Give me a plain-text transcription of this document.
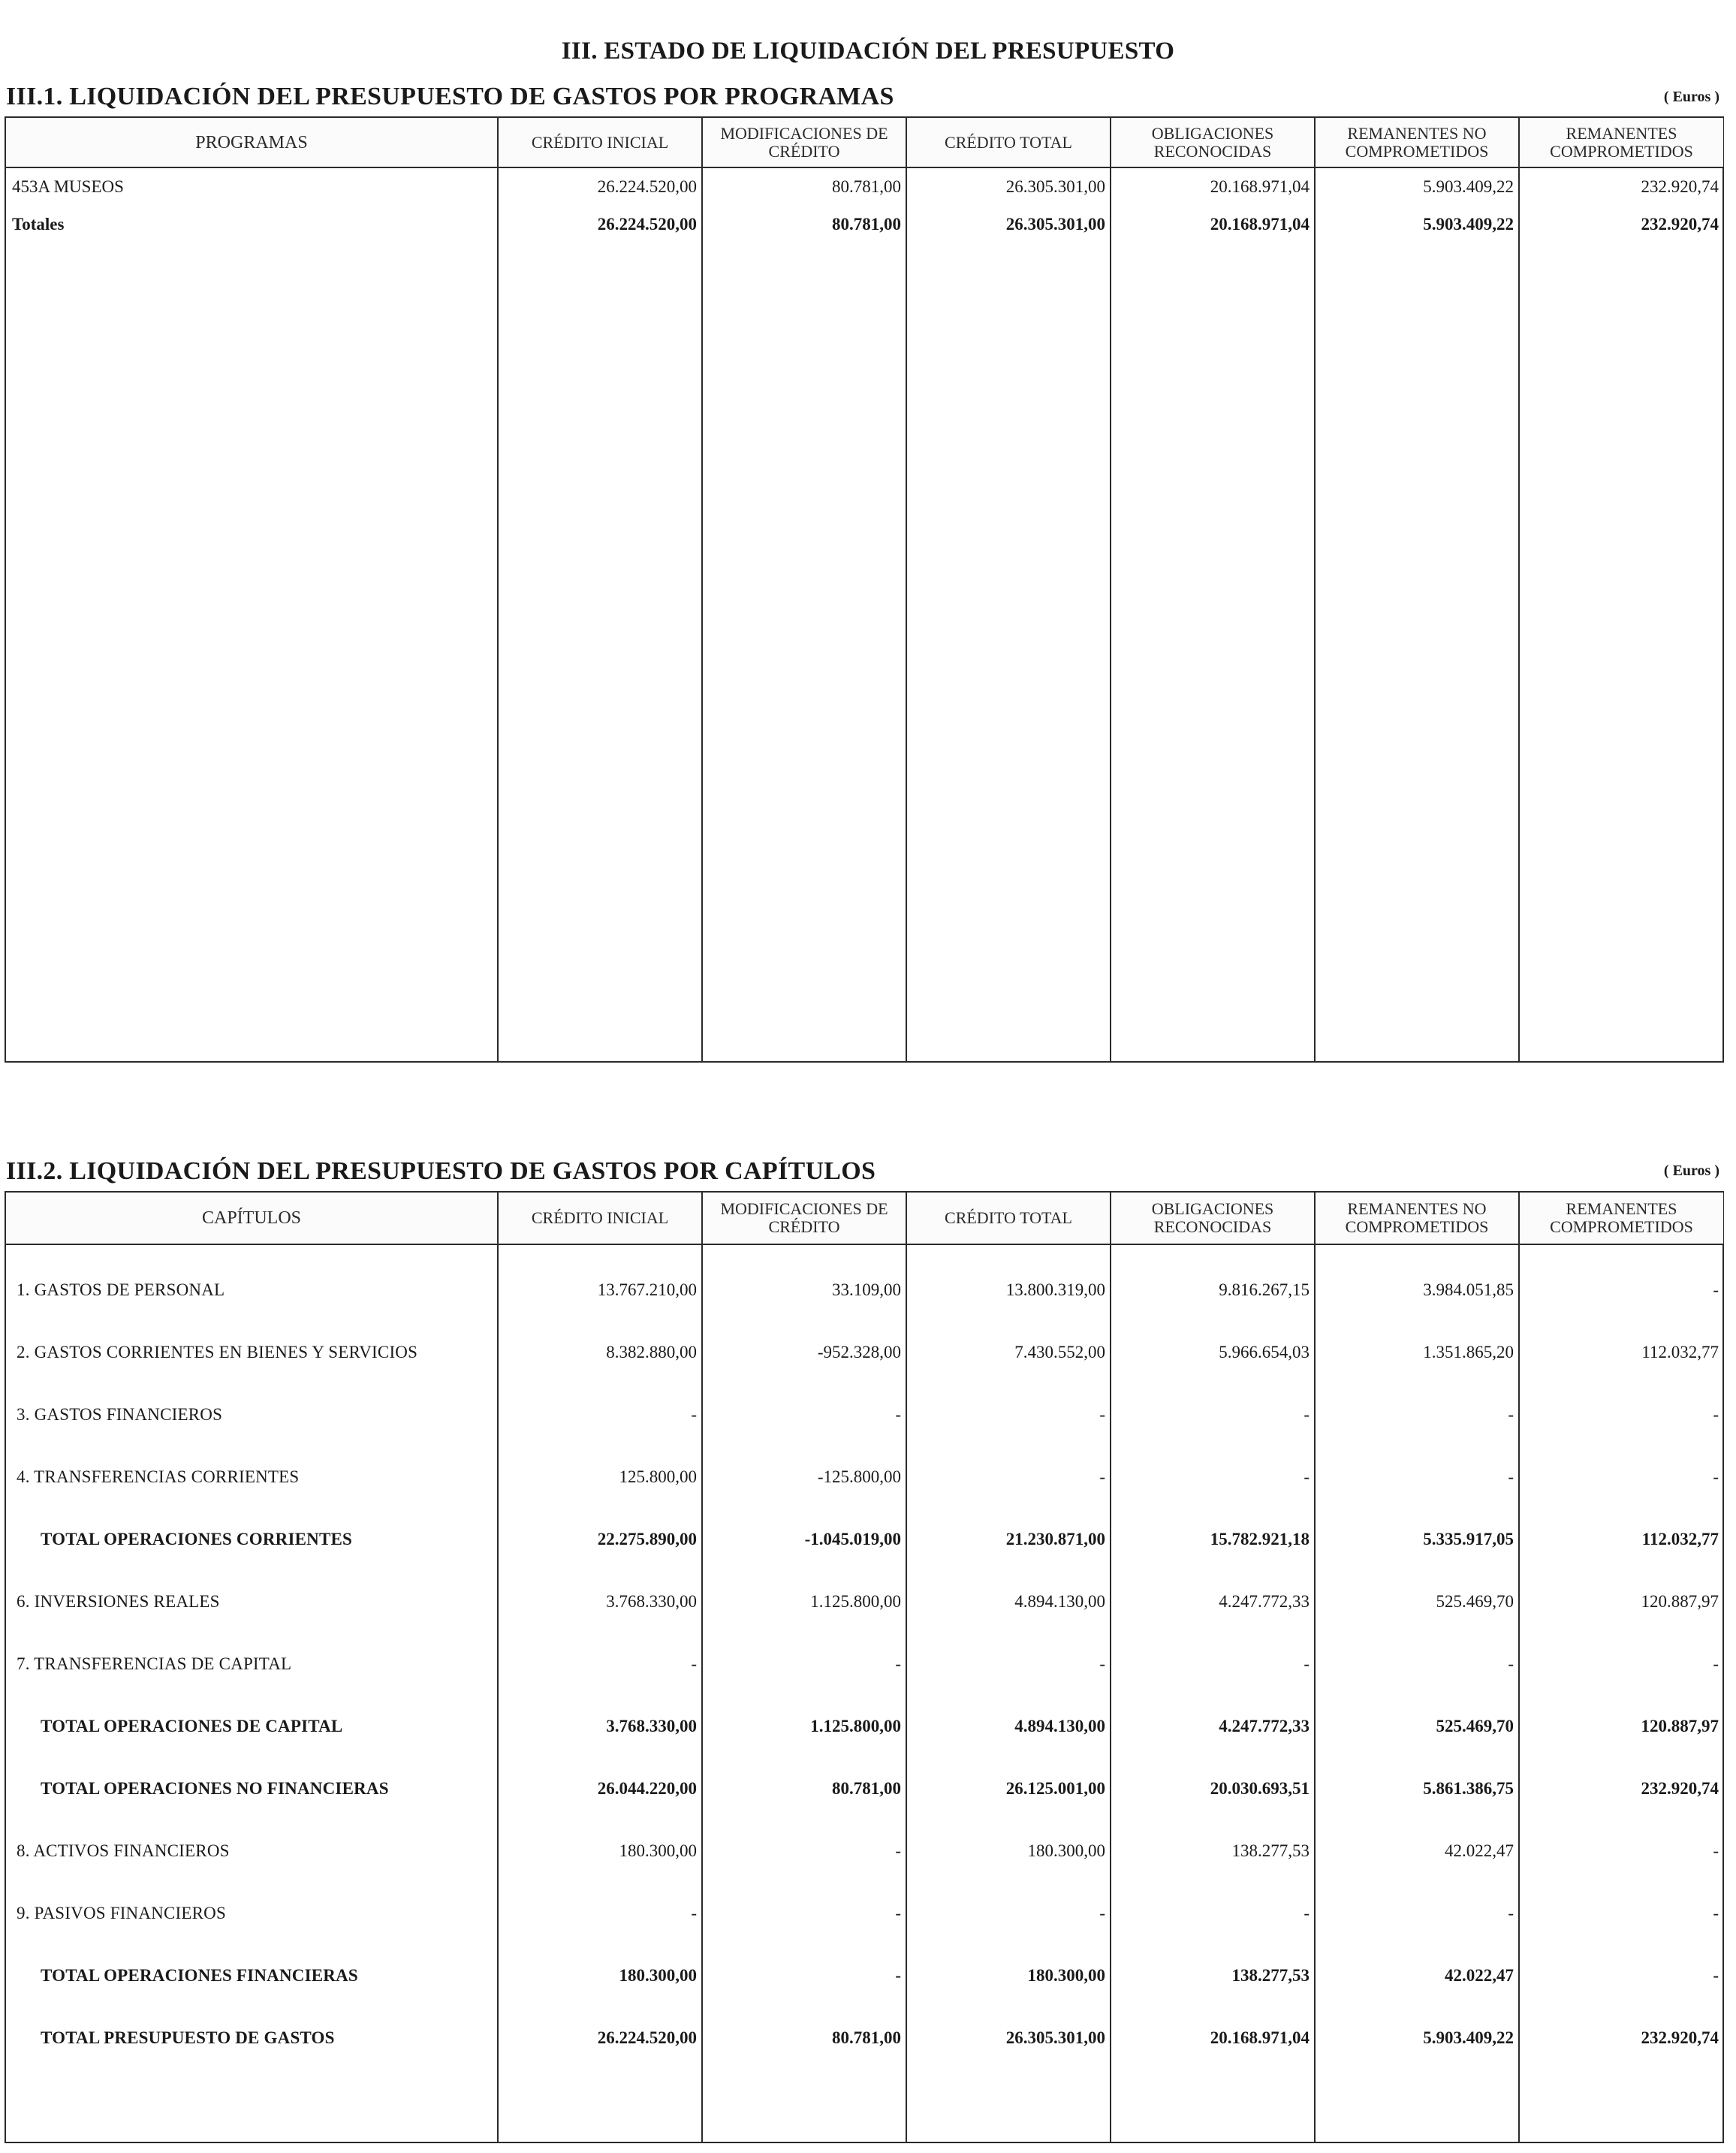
III. ESTADO DE LIQUIDACIÓN DEL PRESUPUESTO
III.1. LIQUIDACIÓN DEL PRESUPUESTO DE GASTOS POR PROGRAMAS	( Euros )
PROGRAMAS	CRÉDITO INICIAL	MODIFICACIONES DE CRÉDITO	CRÉDITO TOTAL	OBLIGACIONES RECONOCIDAS	REMANENTES NO COMPROMETIDOS	REMANENTES COMPROMETIDOS
453A MUSEOS	26.224.520,00	80.781,00	26.305.301,00	20.168.971,04	5.903.409,22	232.920,74
Totales	26.224.520,00	80.781,00	26.305.301,00	20.168.971,04	5.903.409,22	232.920,74

III.2. LIQUIDACIÓN DEL PRESUPUESTO DE GASTOS POR CAPÍTULOS	( Euros )
CAPÍTULOS	CRÉDITO INICIAL	MODIFICACIONES DE CRÉDITO	CRÉDITO TOTAL	OBLIGACIONES RECONOCIDAS	REMANENTES NO COMPROMETIDOS	REMANENTES COMPROMETIDOS

1. GASTOS DE PERSONAL	13.767.210,00	33.109,00	13.800.319,00	9.816.267,15	3.984.051,85	-
2. GASTOS CORRIENTES EN BIENES Y SERVICIOS	8.382.880,00	-952.328,00	7.430.552,00	5.966.654,03	1.351.865,20	112.032,77
3. GASTOS FINANCIEROS	-	-	-	-	-	-
4. TRANSFERENCIAS CORRIENTES	125.800,00	-125.800,00	-	-	-	-
TOTAL OPERACIONES CORRIENTES	22.275.890,00	-1.045.019,00	21.230.871,00	15.782.921,18	5.335.917,05	112.032,77
6. INVERSIONES REALES	3.768.330,00	1.125.800,00	4.894.130,00	4.247.772,33	525.469,70	120.887,97
7. TRANSFERENCIAS DE CAPITAL	-	-	-	-	-	-
TOTAL OPERACIONES DE CAPITAL	3.768.330,00	1.125.800,00	4.894.130,00	4.247.772,33	525.469,70	120.887,97
TOTAL OPERACIONES NO FINANCIERAS	26.044.220,00	80.781,00	26.125.001,00	20.030.693,51	5.861.386,75	232.920,74
8. ACTIVOS FINANCIEROS	180.300,00	-	180.300,00	138.277,53	42.022,47	-
9. PASIVOS FINANCIEROS	-	-	-	-	-	-
TOTAL OPERACIONES FINANCIERAS	180.300,00	-	180.300,00	138.277,53	42.022,47	-
TOTAL PRESUPUESTO DE GASTOS	26.224.520,00	80.781,00	26.305.301,00	20.168.971,04	5.903.409,22	232.920,74
